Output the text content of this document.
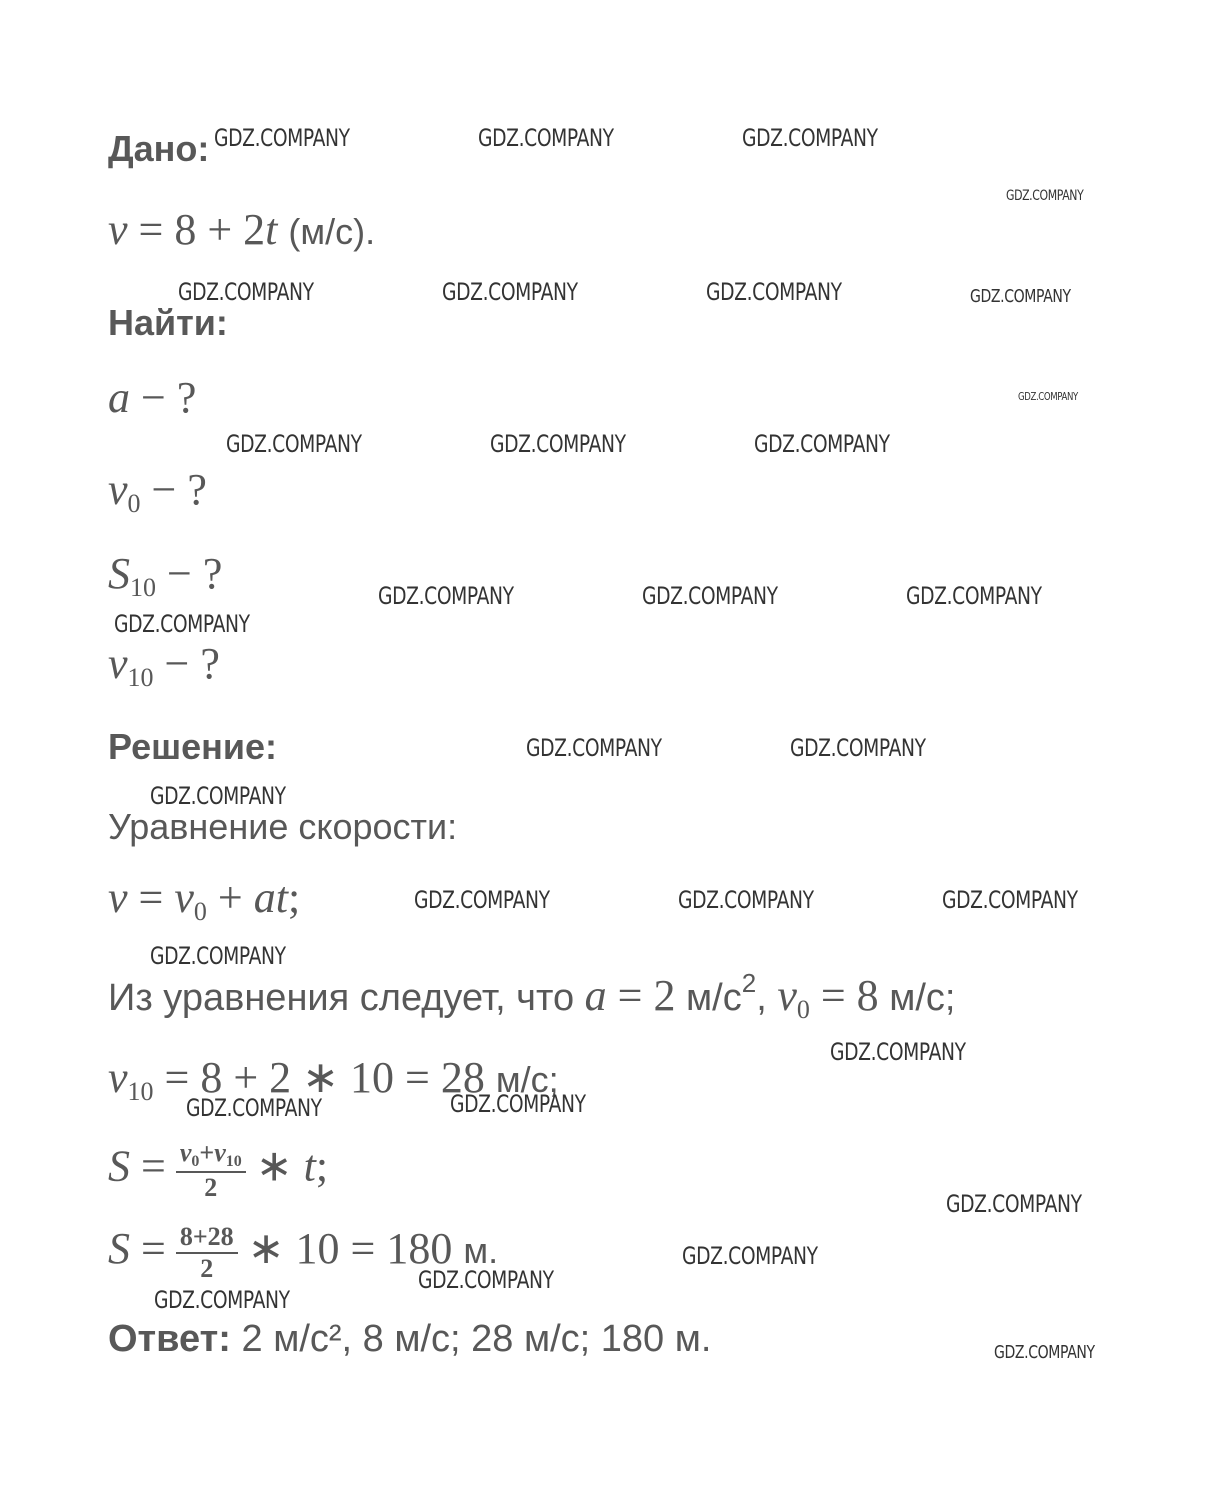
Дано:
v = 8 + 2t (м/с).
Найти:
a − ?
$v_0$ − ?
$S_{10}$ − ?
$v_{10}$ − ?
Решение:
Уравнение скорости:
$v = v_0$ + at;
Из уравнения следует, что a = 2 $м/с^2$, $v_0 = 8$ м/с;
$v_{10} = 8 + 2$ ∗ 10 = 28 м/с;
$S = \frac{v_0+v_{10}}{2}$ ∗ t;
$S = \frac{8+28}{2}$ ∗ 10 = 180 м.
Ответ: 2 м/с², 8 м/с; 28 м/с; 180 м.
GDZ.COMPANY	GDZ.COMPANY	GDZ.COMPANY
GDZ.COMPANY
GDZ.COMPANY	GDZ.COMPANY	GDZ.COMPANY	GDZ.COMPANY
GDZ.COMPANY
GDZ.COMPANY	GDZ.COMPANY	GDZ.COMPANY
GDZ.COMPANY	GDZ.COMPANY	GDZ.COMPANY
GDZ.COMPANY
GDZ.COMPANY	GDZ.COMPANY
GDZ.COMPANY
GDZ.COMPANY	GDZ.COMPANY	GDZ.COMPANY
GDZ.COMPANY
GDZ.COMPANY
GDZ.COMPANY	GDZ.COMPANY
GDZ.COMPANY
GDZ.COMPANY
GDZ.COMPANY
GDZ.COMPANY
GDZ.COMPANY
